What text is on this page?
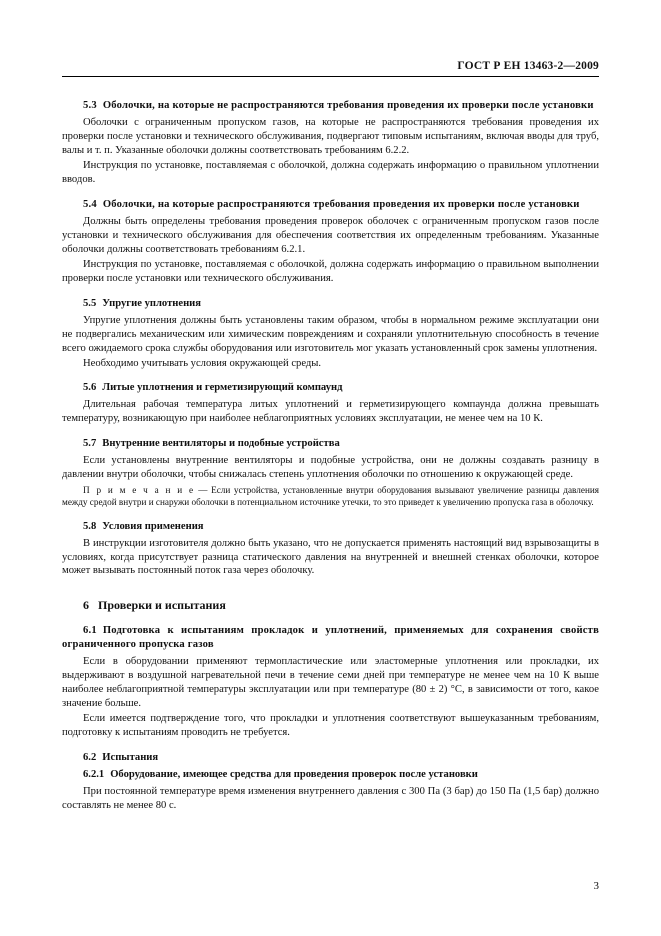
ГОСТ Р ЕН 13463-2—2009
5.3 Оболочки, на которые не распространяются требования проведения их проверки после установки

Оболочки с ограниченным пропуском газов, на которые не распространяются требования проведения их проверки после установки и технического обслуживания, подвергают типовым испытаниям, включая вводы для труб, валы и т. п. Указанные оболочки должны соответствовать требованиям 6.2.2.

Инструкция по установке, поставляемая с оболочкой, должна содержать информацию о правильном уплотнении вводов.

5.4 Оболочки, на которые распространяются требования проведения их проверки после установки

Должны быть определены требования проведения проверок оболочек с ограниченным пропуском газов после установки и технического обслуживания для обеспечения соответствия их определенным требованиям. Указанные оболочки должны соответствовать требованиям 6.2.1.

Инструкция по установке, поставляемая с оболочкой, должна содержать информацию о правильном выполнении проверки после установки или технического обслуживания.

5.5 Упругие уплотнения

Упругие уплотнения должны быть установлены таким образом, чтобы в нормальном режиме эксплуатации они не подвергались механическим или химическим повреждениям и сохраняли уплотнительную способность в течение всего ожидаемого срока службы оборудования или изготовитель мог указать установленный срок замены уплотнения.

Необходимо учитывать условия окружающей среды.

5.6 Литые уплотнения и герметизирующий компаунд

Длительная рабочая температура литых уплотнений и герметизирующего компаунда должна превышать температуру, возникающую при наиболее неблагоприятных условиях эксплуатации, не менее чем на 10 К.

5.7 Внутренние вентиляторы и подобные устройства

Если установлены внутренние вентиляторы и подобные устройства, они не должны создавать разницу в давлении внутри оболочки, чтобы снижалась степень уплотнения оболочки по отношению к окружающей среде.

П р и м е ч а н и е — Если устройства, установленные внутри оборудования вызывают увеличение разницы давления между средой внутри и снаружи оболочки в потенциальном источнике утечки, то это приведет к увеличению пропуска газа в оболочку.

5.8 Условия применения

В инструкции изготовителя должно быть указано, что не допускается применять настоящий вид взрывозащиты в условиях, когда присутствует разница статического давления на внутренней и внешней стенках оболочки, которое может вызывать постоянный поток газа через оболочку.

6 Проверки и испытания
6.1 Подготовка к испытаниям прокладок и уплотнений, применяемых для сохранения свойств ограниченного пропуска газов

Если в оборудовании применяют термопластические или эластомерные уплотнения или прокладки, их выдерживают в воздушной нагревательной печи в течение семи дней при температуре не менее чем на 10 К выше наиболее неблагоприятной температуры эксплуатации или при температуре (80 ± 2) °С, в зависимости от того, какое значение больше.

Если имеется подтверждение того, что прокладки и уплотнения соответствуют вышеуказанным требованиям, подготовку к испытаниям проводить не требуется.

6.2 Испытания
6.2.1 Оборудование, имеющее средства для проведения проверок после установки

При постоянной температуре время изменения внутреннего давления с 300 Па (3 бар) до 150 Па (1,5 бар) должно составлять не менее 80 с.

3
